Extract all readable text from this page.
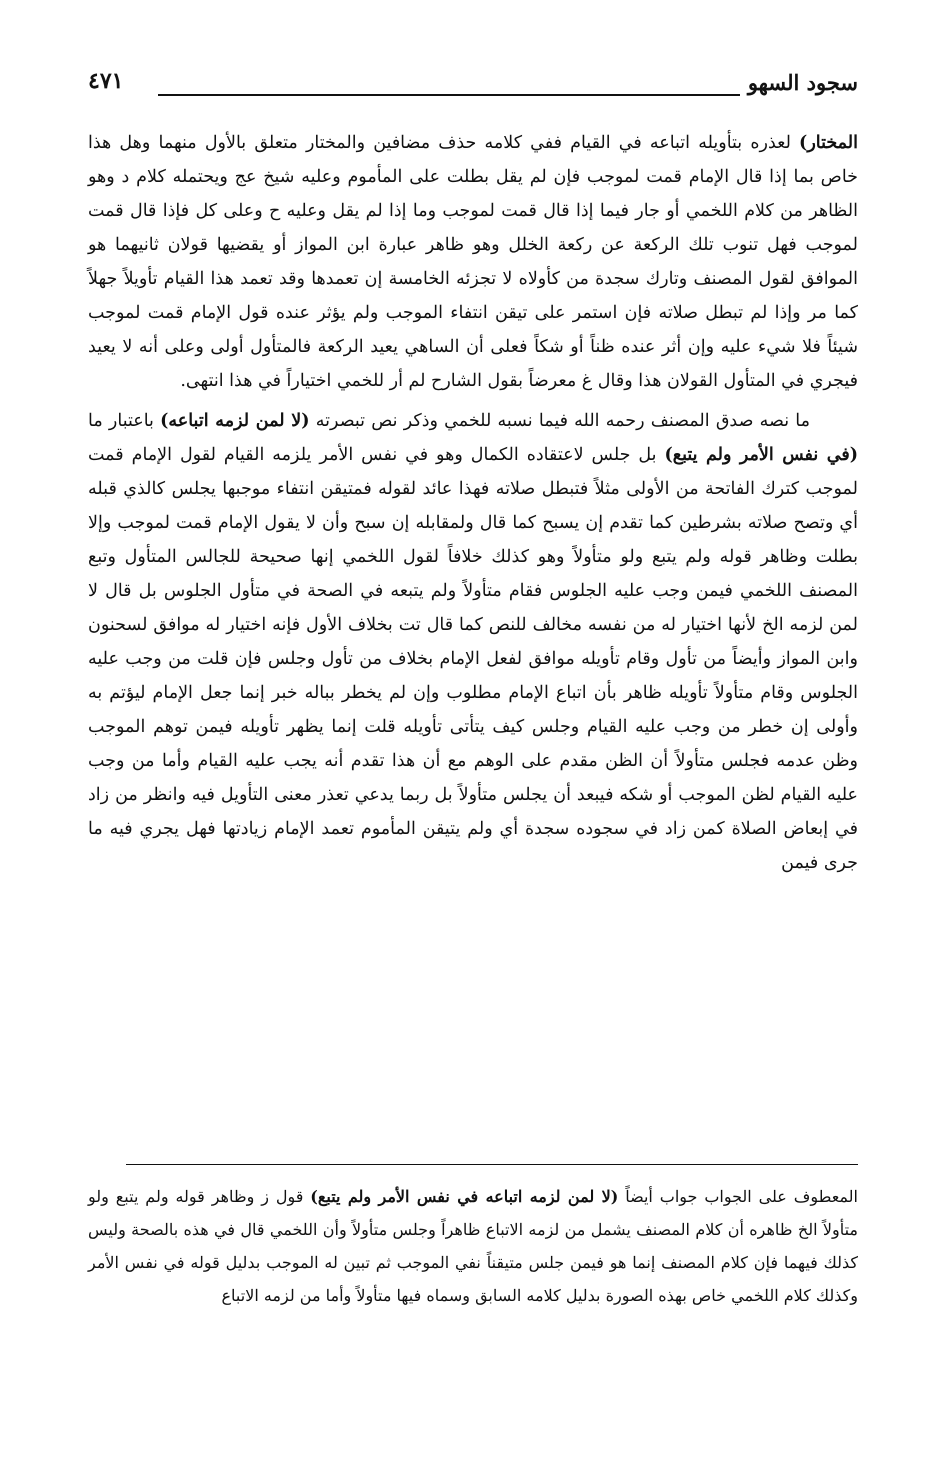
سجود السهو
٤٧١

المختار) لعذره بتأويله اتباعه في القيام ففي كلامه حذف مضافين والمختار متعلق بالأول منهما وهل هذا خاص بما إذا قال الإمام قمت لموجب فإن لم يقل بطلت على المأموم وعليه شيخ عج ويحتمله كلام د وهو الظاهر من كلام اللخمي أو جار فيما إذا قال قمت لموجب وما إذا لم يقل وعليه ح وعلى كل فإذا قال قمت لموجب فهل تنوب تلك الركعة عن ركعة الخلل وهو ظاهر عبارة ابن المواز أو يقضيها قولان ثانيهما هو الموافق لقول المصنف وتارك سجدة من كأولاه لا تجزئه الخامسة إن تعمدها وقد تعمد هذا القيام تأويلاً جهلاً كما مر وإذا لم تبطل صلاته فإن استمر على تيقن انتفاء الموجب ولم يؤثر عنده قول الإمام قمت لموجب شيئاً فلا شيء عليه وإن أثر عنده ظناً أو شكاً فعلى أن الساهي يعيد الركعة فالمتأول أولى وعلى أنه لا يعيد فيجري في المتأول القولان هذا وقال غ معرضاً بقول الشارح لم أر للخمي اختياراً في هذا انتهى.

ما نصه صدق المصنف رحمه الله فيما نسبه للخمي وذكر نص تبصرته (لا لمن لزمه اتباعه) باعتبار ما (في نفس الأمر ولم يتبع) بل جلس لاعتقاده الكمال وهو في نفس الأمر يلزمه القيام لقول الإمام قمت لموجب كترك الفاتحة من الأولى مثلاً فتبطل صلاته فهذا عائد لقوله فمتيقن انتفاء موجبها يجلس كالذي قبله أي وتصح صلاته بشرطين كما تقدم إن يسبح كما قال ولمقابله إن سبح وأن لا يقول الإمام قمت لموجب وإلا بطلت وظاهر قوله ولم يتبع ولو متأولاً وهو كذلك خلافاً لقول اللخمي إنها صحيحة للجالس المتأول وتبع المصنف اللخمي فيمن وجب عليه الجلوس فقام متأولاً ولم يتبعه في الصحة في متأول الجلوس بل قال لا لمن لزمه الخ لأنها اختيار له من نفسه مخالف للنص كما قال تت بخلاف الأول فإنه اختيار له موافق لسحنون وابن المواز وأيضاً من تأول وقام تأويله موافق لفعل الإمام بخلاف من تأول وجلس فإن قلت من وجب عليه الجلوس وقام متأولاً تأويله ظاهر بأن اتباع الإمام مطلوب وإن لم يخطر بباله خبر إنما جعل الإمام ليؤتم به وأولى إن خطر من وجب عليه القيام وجلس كيف يتأتى تأويله قلت إنما يظهر تأويله فيمن توهم الموجب وظن عدمه فجلس متأولاً أن الظن مقدم على الوهم مع أن هذا تقدم أنه يجب عليه القيام وأما من وجب عليه القيام لظن الموجب أو شكه فيبعد أن يجلس متأولاً بل ربما يدعي تعذر معنى التأويل فيه وانظر من زاد في إبعاض الصلاة كمن زاد في سجوده سجدة أي ولم يتيقن المأموم تعمد الإمام زيادتها فهل يجري فيه ما جرى فيمن

المعطوف على الجواب جواب أيضاً (لا لمن لزمه اتباعه في نفس الأمر ولم يتبع) قول ز وظاهر قوله ولم يتبع ولو متأولاً الخ ظاهره أن كلام المصنف يشمل من لزمه الاتباع ظاهراً وجلس متأولاً وأن اللخمي قال في هذه بالصحة وليس كذلك فيهما فإن كلام المصنف إنما هو فيمن جلس متيقناً نفي الموجب ثم تبين له الموجب بدليل قوله في نفس الأمر وكذلك كلام اللخمي خاص بهذه الصورة بدليل كلامه السابق وسماه فيها متأولاً وأما من لزمه الاتباع
